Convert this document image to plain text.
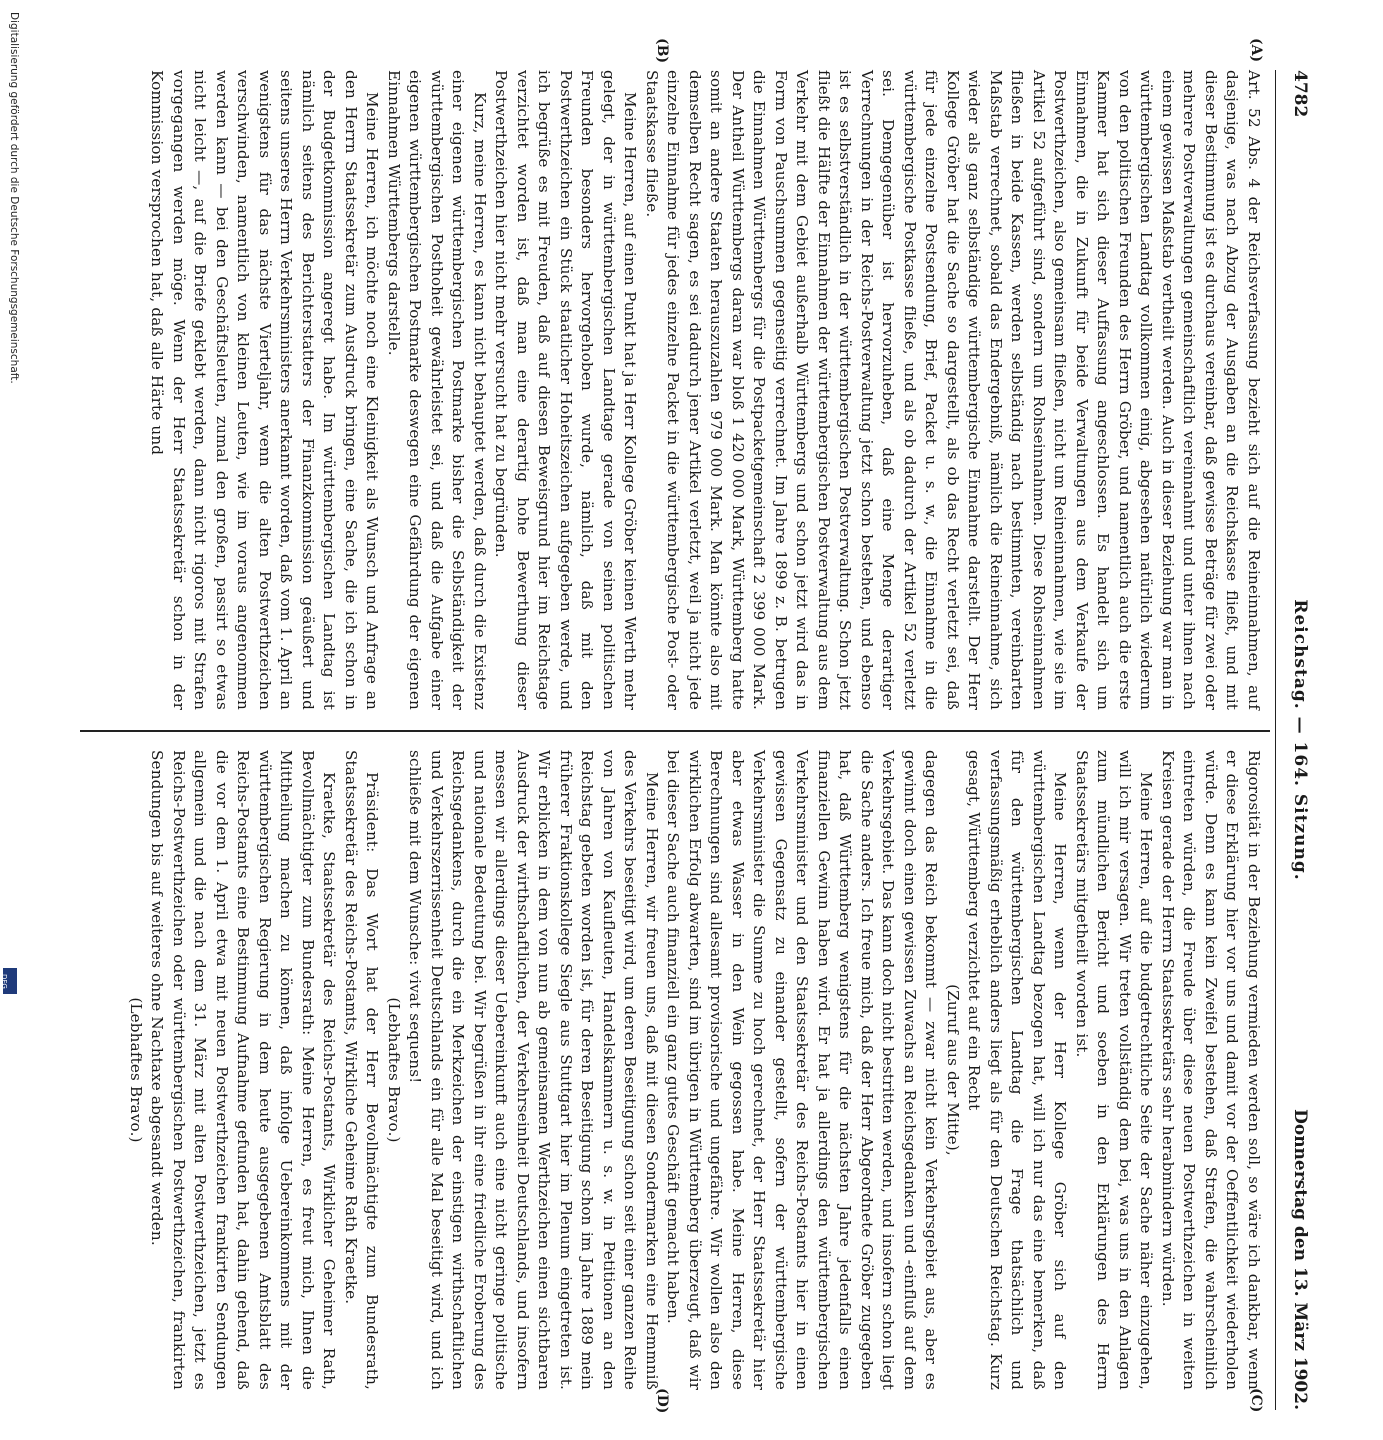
4782
Reichstag. — 164. Sitzung.
Donnerstag den 13. März 1902.
(A)
(B)
(C)
(D)

Art. 52 Abs. 4 der Reichsverfassung bezieht sich auf die Reineinnahmen, auf dasjenige, was nach Abzug der Ausgaben an die Reichskasse fließt, und mit dieser Bestimmung ist es durchaus vereinbar, daß gewisse Beträge für zwei oder mehrere Postverwaltungen gemeinschaftlich vereinnahmt und unter ihnen nach einem gewissen Maßstab vertheilt werden. Auch in dieser Beziehung war man in württembergischen Landtag vollkommen einig, abgesehen natürlich wiederum von den politischen Freunden des Herrn Gröber, und namentlich auch die erste Kammer hat sich dieser Auffassung angeschlossen. Es handelt sich um Einnahmen, die in Zukunft für beide Verwaltungen aus dem Verkaufe der Postwerthzeichen, also gemeinsam fließen, nicht um Reineinnahmen, wie sie im Artikel 52 aufgeführt sind, sondern um Rohseinnahmen. Diese Rohseinnahmen fließen in beide Kassen, werden selbständig nach bestimmten, vereinbarten Maßstab verrechnet, sobald das Endergebniß, nämlich die Reineinnahme, sich wieder als ganz selbständige württembergische Einnahme darstellt. Der Herr Kollege Gröber hat die Sache so dargestellt, als ob das Recht verletzt sei, daß für jede einzelne Postsendung, Brief, Packet u. s. w., die Einnahme in die württembergische Postkasse fließe, und als ob dadurch der Artikel 52 verletzt sei. Demgegenüber ist hervorzuheben, daß eine Menge derartiger Verrechnungen in der Reichs-Postverwaltung jetzt schon bestehen, und ebenso ist es selbstverständlich in der württembergischen Postverwaltung. Schon jetzt fließt die Hälfte der Einnahmen der württembergischen Postverwaltung aus dem Verkehr mit dem Gebiet außerhalb Württembergs und schon jetzt wird das in Form von Pauschsummen gegenseitig verrechnet. Im Jahre 1899 z. B. betrugen die Einnahmen Württembergs für die Postpacketgemeinschaft 2 399 000 Mark. Der Antheil Württembergs daran war bloß 1 420 000 Mark, Württemberg hatte somit an andere Staaten herauszuzahlen 979 000 Mark. Man könnte also mit demselben Recht sagen, es sei dadurch jener Artikel verletzt, weil ja nicht jede einzelne Einnahme für jedes einzelne Packet in die württembergische Post- oder Staatskasse fließe.

Meine Herren, auf einen Punkt hat ja Herr Kollege Gröber keinen Werth mehr gelegt, der in württembergischen Landtage gerade von seinen politischen Freunden besonders hervorgehoben wurde, nämlich, daß mit den Postwerthzeichen ein Stück staatlicher Hoheitszeichen aufgegeben werde, und ich begrüße es mit Freuden, daß auf diesen Beweisgrund hier im Reichstage verzichtet worden ist, daß man eine derartig hohe Bewerthung dieser Postwerthzeichen hier nicht mehr versucht hat zu begründen.

Kurz, meine Herren, es kann nicht behauptet werden, daß durch die Existenz einer eigenen württembergischen Postmarke bisher die Selbständigkeit der württembergischen Posthoheit gewährleistet sei, und daß die Aufgabe einer eigenen württembergischen Postmarke deswegen eine Gefährdung der eigenen Einnahmen Württembergs darstelle.

Meine Herren, ich möchte noch eine Kleinigkeit als Wunsch und Anfrage an den Herrn Staatssekretär zum Ausdruck bringen, eine Sache, die ich schon in der Budgetkommission angeregt habe. Im württembergischen Landtag ist nämlich seitens des Berichterstatters der Finanzkommission geäußert und seitens unseres Herrn Verkehrsministers anerkannt worden, daß vom 1. April an wenigstens für das nächste Vierteljahr, wenn die alten Postwerthzeichen verschwinden, namentlich von kleinen Leuten, wie im voraus angenommen werden kann — bei den Geschäftsleuten, zumal den großen, passirt so etwas nicht leicht —, auf die Briefe geklebt werden, dann nicht rigoros mit Strafen vorgegangen werden möge. Wenn der Herr Staatssekretär schon in der Kommission versprochen hat, daß alle Härte und

Rigorosität in der Beziehung vermieden werden soll, so wäre ich dankbar, wenn er diese Erklärung hier vor uns und damit vor der Oeffentlichkeit wiederholen würde. Denn es kann kein Zweifel bestehen, daß Strafen, die wahrscheinlich eintreten würden, die Freude über diese neuen Postwerthzeichen in weiten Kreisen gerade der Herrn Staatssekretärs sehr herabmindern würden.

Meine Herren, auf die budgetrechtliche Seite der Sache näher einzugehen, will ich mir versagen. Wir treten vollständig dem bei, was uns in den Anlagen zum mündlichen Bericht und soeben in den Erklärungen des Herrn Staatssekretärs mitgetheilt worden ist.

Meine Herren, wenn der Herr Kollege Gröber sich auf den württembergischen Landtag bezogen hat, will ich nur das eine bemerken, daß für den württembergischen Landtag die Frage thatsächlich und verfassungsmäßig erheblich anders liegt als für den Deutschen Reichstag. Kurz gesagt, Württemberg verzichtet auf ein Recht

(Zuruf aus der Mitte),

dagegen das Reich bekommt — zwar nicht kein Verkehrsgebiet aus, aber es gewinnt doch einen gewissen Zuwachs an Reichsgedanken und -einfluß auf dem Verkehrsgebiet. Das kann doch nicht bestritten werden, und insofern schon liegt die Sache anders. Ich freue mich, daß der Herr Abgeordnete Gröber zugegeben hat, daß Württemberg wenigstens für die nächsten Jahre jedenfalls einen finanziellen Gewinn haben wird. Er hat ja allerdings den württembergischen Verkehrsminister und den Staatssekretär des Reichs-Postamts hier in einen gewissen Gegensatz zu einander gestellt, sofern der württembergische Verkehrsminister die Summe zu hoch gerechnet, der Herr Staatssekretär hier aber etwas Wasser in den Wein gegossen habe. Meine Herren, diese Berechnungen sind allesamt provisorische und ungefähre. Wir wollen also den wirklichen Erfolg abwarten, sind im übrigen in Württemberg überzeugt, daß wir bei dieser Sache auch finanziell ein ganz gutes Geschäft gemacht haben.

Meine Herren, wir freuen uns, daß mit diesen Sondermarken eine Hemmniß des Verkehrs beseitigt wird, um deren Beseitigung schon seit einer ganzen Reihe von Jahren von Kaufleuten, Handelskammern u. s. w. in Petitionen an den Reichstag gebeten worden ist, für deren Beseitigung schon im Jahre 1889 mein früherer Fraktionskollege Siegle aus Stuttgart hier im Plenum eingetreten ist. Wir erblicken in dem von nun ab gemeinsamen Werthzeichen einen sichtbaren Ausdruck der wirthschaftlichen, der Verkehrseinheit Deutschlands, und insofern messen wir allerdings dieser Uebereinkunft auch eine nicht geringe politische und nationale Bedeutung bei. Wir begrüßen in ihr eine friedliche Eroberung des Reichsgedankens, durch die ein Merkzeichen der einstigen wirthschaftlichen und Verkehrszerrissenheit Deutschlands ein für alle Mal beseitigt wird, und ich schließe mit dem Wunsche: vivat sequens!

(Lebhaftes Bravo.)

Präsident: Das Wort hat der Herr Bevollmächtigte zum Bundesrath, Staatssekretär des Reichs-Postamts, Wirkliche Geheime Rath Kraetke.

Kraetke, Staatssekretär des Reichs-Postamts, Wirklicher Geheimer Rath, Bevollmächtigter zum Bundesrath: Meine Herren, es freut mich, Ihnen die Mittheilung machen zu können, daß infolge Uebereinkommens mit der württembergischen Regierung in dem heute ausgegebenen Amtsblatt des Reichs-Postamts eine Bestimmung Aufnahme gefunden hat, dahin gehend, daß die vor dem 1. April etwa mit neuen Postwerthzeichen frankirten Sendungen allgemein und die nach dem 31. März mit alten Postwerthzeichen, jetzt es Reichs-Postwerthzeichen oder württembergischen Postwerthzeichen, frankirten Sendungen bis auf weiteres ohne Nachtaxe abgesandt werden.

(Lebhaftes Bravo.)

Digitalisierung gefördert durch die Deutsche Forschungsgemeinschaft.
DFG
